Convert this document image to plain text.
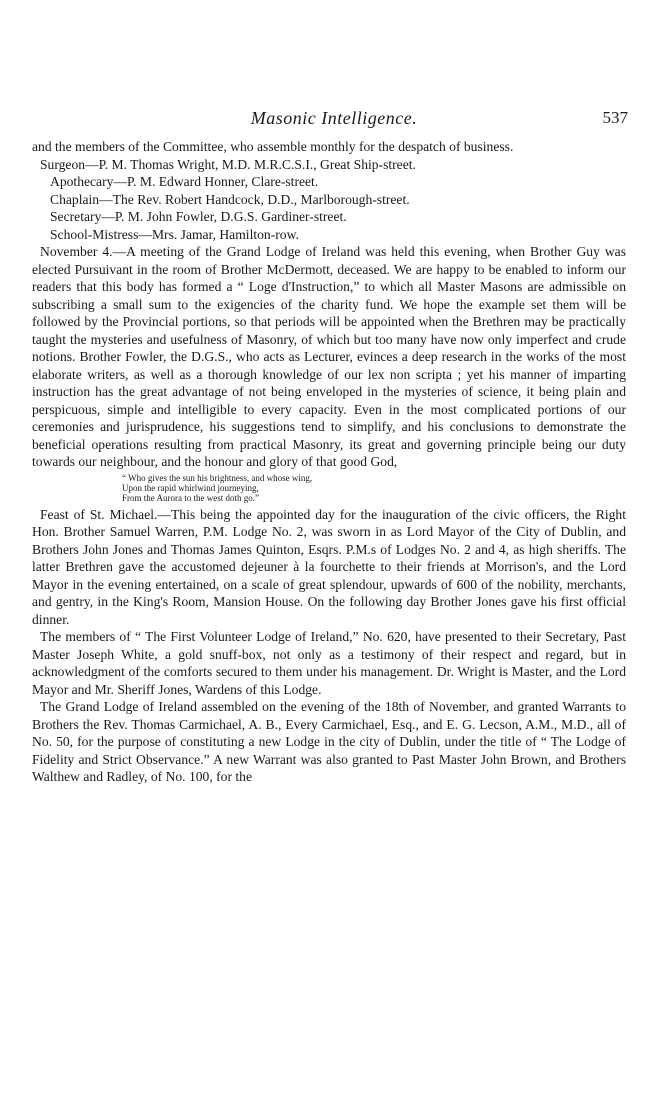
Masonic Intelligence.	537

and the members of the Committee, who assemble monthly for the despatch of business.

Surgeon—P. M. Thomas Wright, M.D. M.R.C.S.I., Great Ship-street.

Apothecary—P. M. Edward Honner, Clare-street.

Chaplain—The Rev. Robert Handcock, D.D., Marlborough-street.

Secretary—P. M. John Fowler, D.G.S. Gardiner-street.

School-Mistress—Mrs. Jamar, Hamilton-row.

November 4.—A meeting of the Grand Lodge of Ireland was held this evening, when Brother Guy was elected Pursuivant in the room of Brother McDermott, deceased. We are happy to be enabled to inform our readers that this body has formed a “ Loge d'Instruction,” to which all Master Masons are admissible on subscribing a small sum to the exigencies of the charity fund. We hope the example set them will be followed by the Provincial portions, so that periods will be appointed when the Brethren may be practically taught the mysteries and usefulness of Masonry, of which but too many have now only imperfect and crude notions. Brother Fowler, the D.G.S., who acts as Lecturer, evinces a deep research in the works of the most elaborate writers, as well as a thorough knowledge of our lex non scripta ; yet his manner of imparting instruction has the great advantage of not being enveloped in the mysteries of science, it being plain and perspicuous, simple and intelligible to every capacity. Even in the most complicated portions of our ceremonies and jurisprudence, his suggestions tend to simplify, and his conclusions to demonstrate the beneficial operations resulting from practical Masonry, its great and governing principle being our duty towards our neighbour, and the honour and glory of that good God,

“ Who gives the sun his brightness, and whose wing,
Upon the rapid whirlwind journeying,
From the Aurora to the west doth go.”

Feast of St. Michael.—This being the appointed day for the inauguration of the civic officers, the Right Hon. Brother Samuel Warren, P.M. Lodge No. 2, was sworn in as Lord Mayor of the City of Dublin, and Brothers John Jones and Thomas James Quinton, Esqrs. P.M.s of Lodges No. 2 and 4, as high sheriffs. The latter Brethren gave the accustomed dejeuner à la fourchette to their friends at Morrison's, and the Lord Mayor in the evening entertained, on a scale of great splendour, upwards of 600 of the nobility, merchants, and gentry, in the King's Room, Mansion House. On the following day Brother Jones gave his first official dinner.

The members of “ The First Volunteer Lodge of Ireland,” No. 620, have presented to their Secretary, Past Master Joseph White, a gold snuff-box, not only as a testimony of their respect and regard, but in acknowledgment of the comforts secured to them under his management. Dr. Wright is Master, and the Lord Mayor and Mr. Sheriff Jones, Wardens of this Lodge.

The Grand Lodge of Ireland assembled on the evening of the 18th of November, and granted Warrants to Brothers the Rev. Thomas Carmichael, A. B., Every Carmichael, Esq., and E. G. Lecson, A.M., M.D., all of No. 50, for the purpose of constituting a new Lodge in the city of Dublin, under the title of “ The Lodge of Fidelity and Strict Observance.” A new Warrant was also granted to Past Master John Brown, and Brothers Walthew and Radley, of No. 100, for the
